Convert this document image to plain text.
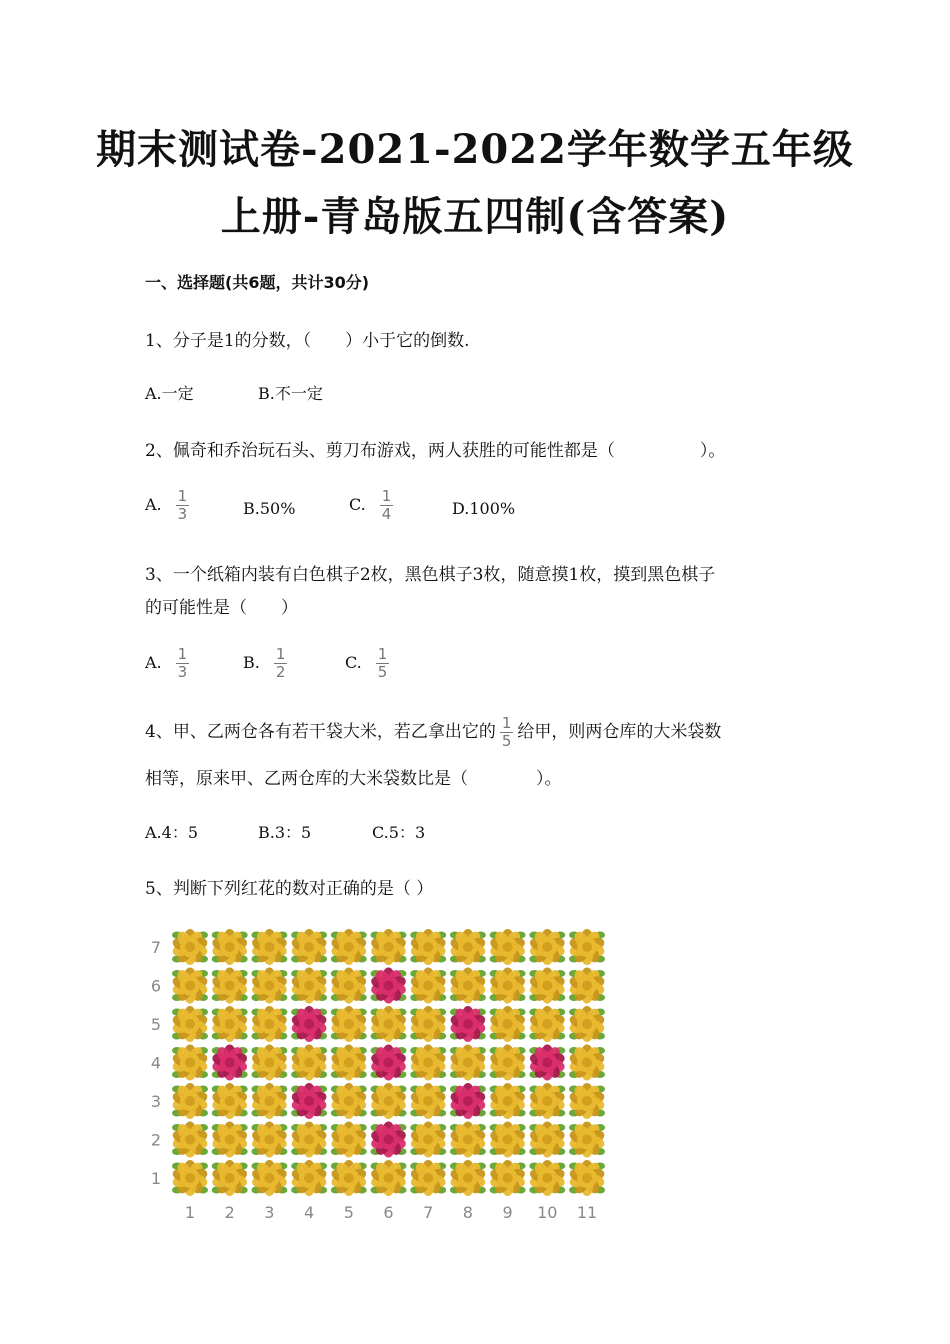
期末测试卷-2021-2022学年数学五年级
上册-青岛版五四制(含答案)
一、选择题(共6题，共计30分)
1、分子是1的分数，（　　）小于它的倒数.
A.一定	B.不一定
2、佩奇和乔治玩石头、剪刀布游戏，两人获胜的可能性都是（　　　　　）。
A. $\frac{1}{3}$	B.50%	C. $\frac{1}{4}$	D.100%
3、一个纸箱内装有白色棋子2枚，黑色棋子3枚，随意摸1枚，摸到黑色棋子
的可能性是（　　）
A. $\frac{1}{3}$	B. $\frac{1}{2}$	C. $\frac{1}{5}$
4、甲、乙两仓各有若干袋大米，若乙拿出它的 $\frac{1}{5}$ 给甲，则两仓库的大米袋数
相等，原来甲、乙两仓库的大米袋数比是（　　　　）。
A.4：5	B.3：5	C.5：3
5、判断下列红花的数对正确的是（ ）
1
2
3
4
5
6
7
1 2 3 4 5 6 7 8 9 10 11
